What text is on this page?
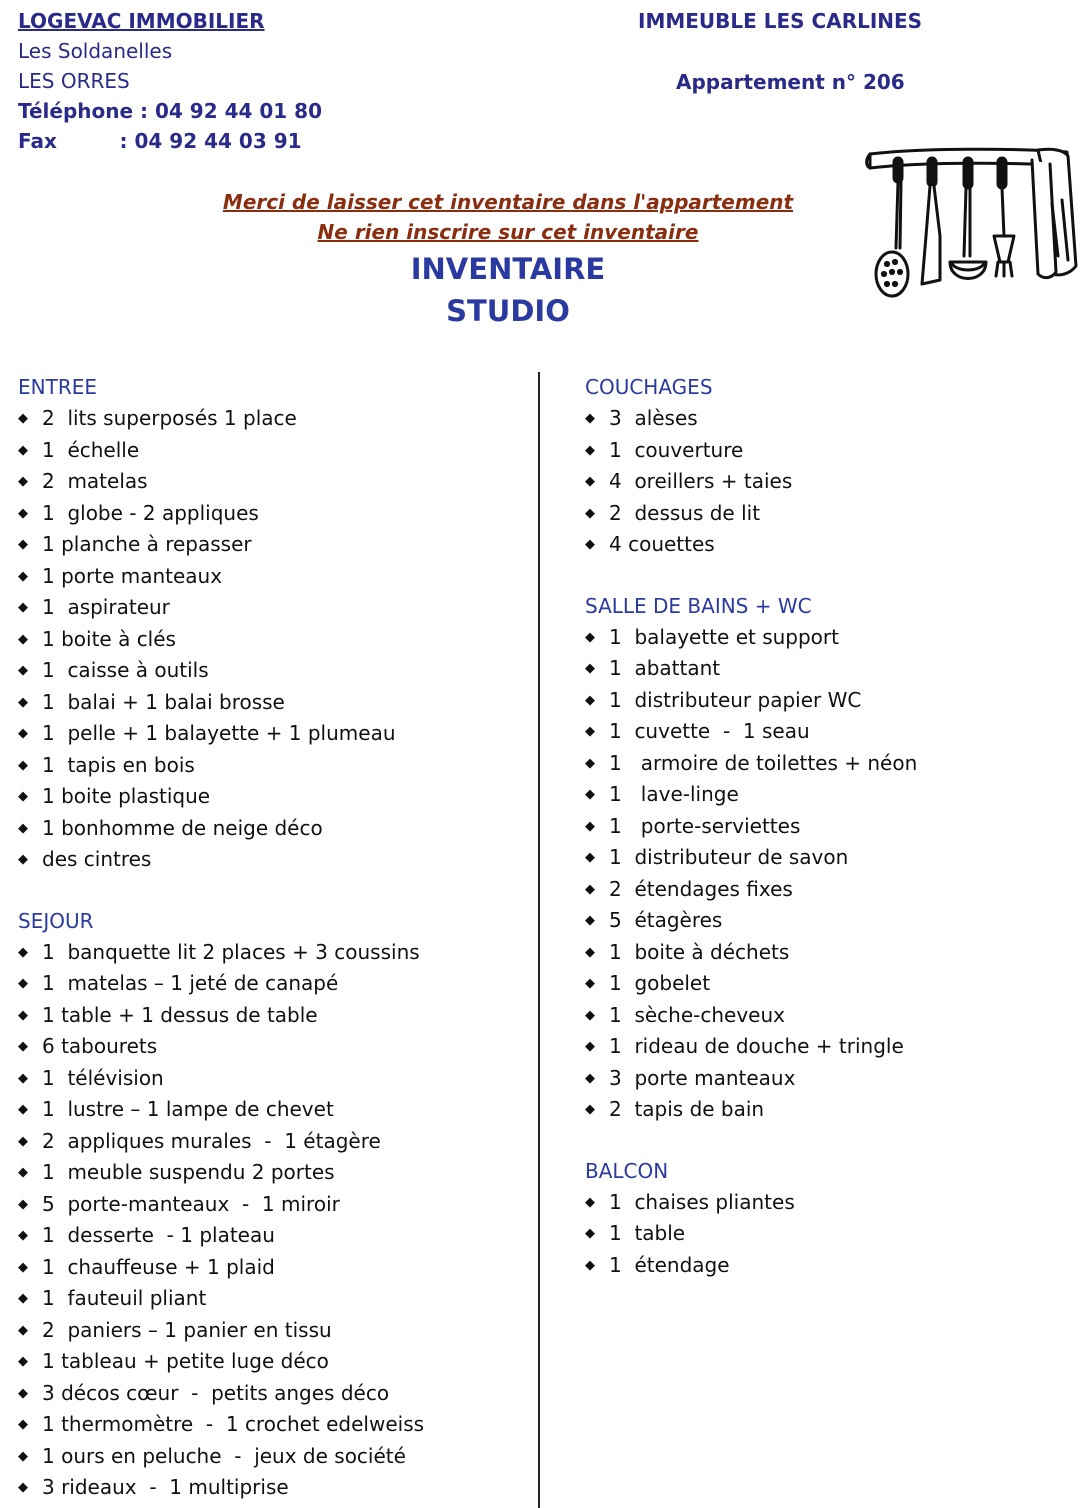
LOGEVAC IMMOBILIER
Les Soldanelles
LES ORRES
Téléphone : 04 92 44 01 80
Fax         : 04 92 44 03 91
IMMEUBLE LES CARLINES
Appartement n° 206
Merci de laisser cet inventaire dans l'appartement
Ne rien inscrire sur cet inventaire
INVENTAIRE
STUDIO
ENTREE
◆ 2  lits superposés 1 place
◆ 1  échelle
◆ 2  matelas
◆ 1  globe - 2 appliques
◆ 1 planche à repasser
◆ 1 porte manteaux
◆ 1  aspirateur
◆ 1 boite à clés
◆ 1  caisse à outils
◆ 1  balai + 1 balai brosse
◆ 1  pelle + 1 balayette + 1 plumeau
◆ 1  tapis en bois
◆ 1 boite plastique
◆ 1 bonhomme de neige déco
◆ des cintres
SEJOUR
◆ 1  banquette lit 2 places + 3 coussins
◆ 1  matelas – 1 jeté de canapé
◆ 1 table + 1 dessus de table
◆ 6 tabourets
◆ 1  télévision
◆ 1  lustre – 1 lampe de chevet
◆ 2  appliques murales  -  1 étagère
◆ 1  meuble suspendu 2 portes
◆ 5  porte-manteaux  -  1 miroir
◆ 1  desserte  - 1 plateau
◆ 1  chauffeuse + 1 plaid
◆ 1  fauteuil pliant
◆ 2  paniers – 1 panier en tissu
◆ 1 tableau + petite luge déco
◆ 3 décos cœur  -  petits anges déco
◆ 1 thermomètre  -  1 crochet edelweiss
◆ 1 ours en peluche  -  jeux de société
◆ 3 rideaux  -  1 multiprise
COUCHAGES
◆ 3  alèses
◆ 1  couverture
◆ 4  oreillers + taies
◆ 2  dessus de lit
◆ 4 couettes
SALLE DE BAINS + WC
◆ 1  balayette et support
◆ 1  abattant
◆ 1  distributeur papier WC
◆ 1  cuvette  -  1 seau
◆ 1   armoire de toilettes + néon
◆ 1   lave-linge
◆ 1   porte-serviettes
◆ 1  distributeur de savon
◆ 2  étendages fixes
◆ 5  étagères
◆ 1  boite à déchets
◆ 1  gobelet
◆ 1  sèche-cheveux
◆ 1  rideau de douche + tringle
◆ 3  porte manteaux
◆ 2  tapis de bain
BALCON
◆ 1  chaises pliantes
◆ 1  table
◆ 1  étendage
